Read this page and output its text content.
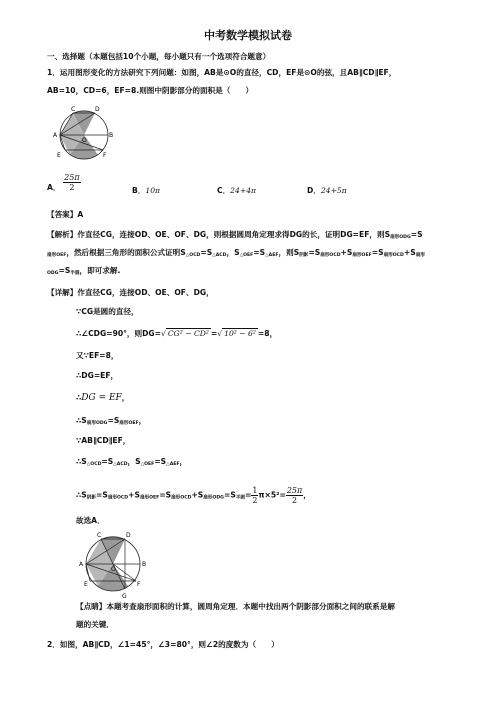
中考数学模拟试卷
一、选择题（本题包括10个小题，每小题只有一个选项符合题意）
1．运用图形变化的方法研究下列问题：如图，AB是⊙O的直径，CD，EF是⊙O的弦，且AB∥CD∥EF，
AB=10，CD=6，EF=8.则图中阴影部分的面积是（　　）
C	D
A
O
B
E	F
A． $\frac{25\pi}{2}$	B．10π	C．24+4π	D．24+5π
【答案】A
【解析】作直径CG，连接OD、OE、OF、DG，则根据圆周角定理求得DG的长，证明DG=EF，则$S_{扇形ODG}=S$
$_{扇形OEF}$，然后根据三角形的面积公式证明$S_{\triangle OCD}=S_{\triangle ACD}$，$S_{\triangle OEF}=S_{\triangle AEF}$，则$S_{阴影}=S_{扇形OCD}+S_{扇形OEF}=S_{扇形OCD}+S_{扇形}$
$_{ODG}=S_{半圆}$，即可求解.
【详解】作直径CG，连接OD、OE、OF、DG，
∵CG是圆的直径，
∴∠CDG=90°，则DG=√ CG² − CD² =√ 10² − 6² =8，
又∵EF=8，
∴DG=EF，
∴DG = EF，
$\therefore S_{扇形ODG}=S_{扇形OEF}$，
∵AB∥CD∥EF，
$\therefore S_{\triangle OCD}=S_{\triangle ACD}$，$S_{\triangle OEF}=S_{\triangle AEF}$，
$\therefore S_{阴影}=S_{扇形OCD}+S_{扇形OEF}=S_{扇形OCD}+S_{扇形ODG}=S_{半圆}= \frac{1}{2} \pi\times 5^2= \frac{25\pi}{2}$ ，
故选A．
C	D
A
O
B
E	F
G
【点睛】本题考查扇形面积的计算，圆周角定理．本题中找出两个阴影部分面积之间的联系是解
题的关键．
2．如图，AB∥CD，∠1=45°，∠3=80°，则∠2的度数为（　　）
